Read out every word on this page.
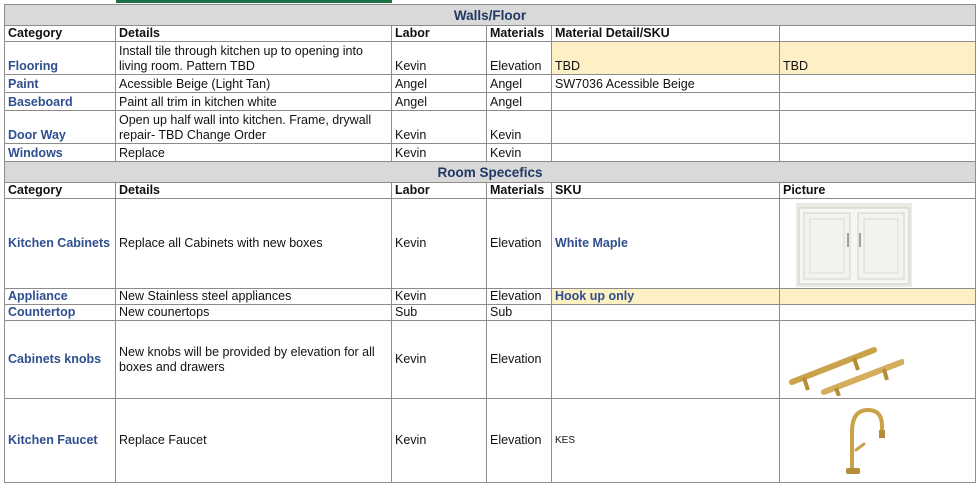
Walls/Floor					
Category	Details	Labor	Materials	Material Detail/SKU	
Flooring	Install tile through kitchen up to opening into living room. Pattern TBD	Kevin	Elevation	TBD	TBD
Paint	Acessible Beige (Light Tan)	Angel	Angel	SW7036 Acessible Beige	
Baseboard	Paint all trim in kitchen white	Angel	Angel		
Door Way	Open up half wall into kitchen. Frame, drywall repair- TBD Change Order	Kevin	Kevin		
Windows	Replace	Kevin	Kevin		
Room Specefics					
Category	Details	Labor	Materials	SKU	Picture
Kitchen Cabinets	Replace all Cabinets with new boxes	Kevin	Elevation	White Maple	

Appliance	New Stainless steel appliances	Kevin	Elevation	Hook up only	
Countertop	New counertops	Sub	Sub		
Cabinets knobs	New knobs will be provided by elevation for all boxes and drawers	Kevin	Elevation		

Kitchen Faucet	Replace Faucet	Kevin	Elevation	KES	
